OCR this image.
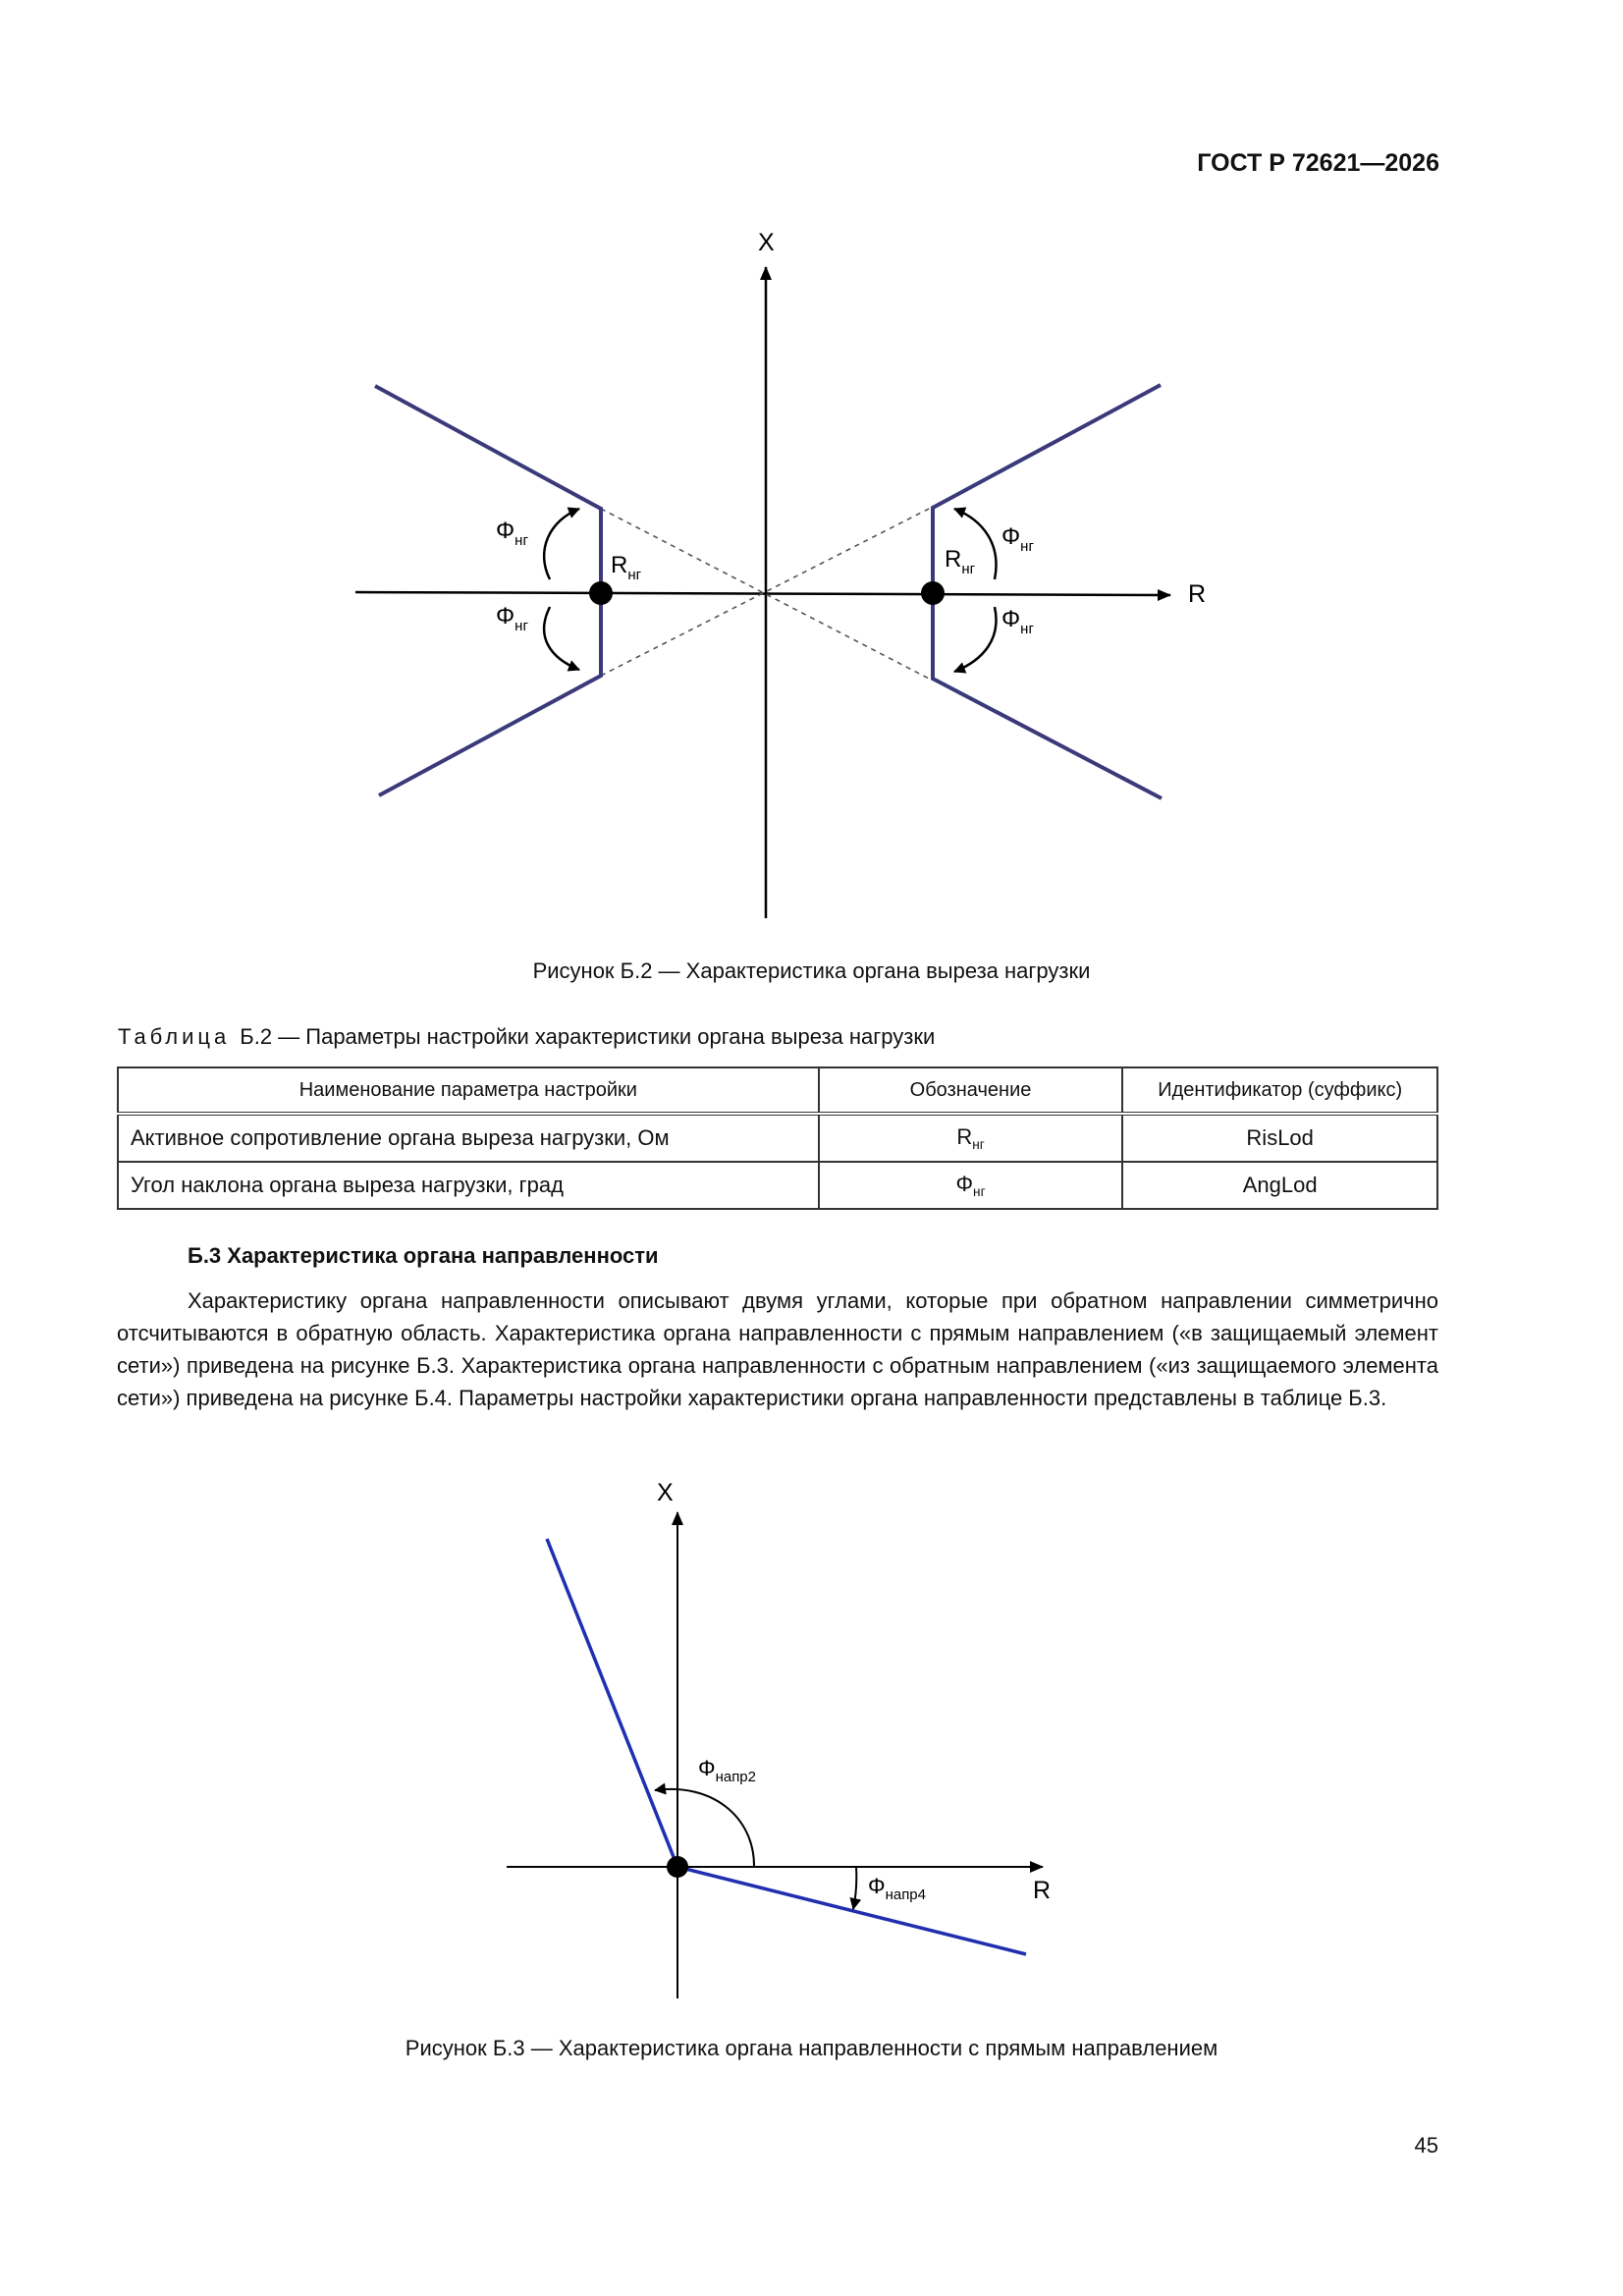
ГОСТ Р 72621—2026
X
R
$\Phi_{нг}$
$\Phi_{нг}$
$R_{нг}$
$\Phi_{нг}$
$\Phi_{нг}$
$R_{нг}$
Рисунок Б.2 — Характеристика органа выреза нагрузки
Таблица Б.2 — Параметры настройки характеристики органа выреза нагрузки
Наименование параметра настройки	Обозначение	Идентификатор (суффикс)
Активное сопротивление органа выреза нагрузки, Ом	$R_{нг}$	RisLod
Угол наклона органа выреза нагрузки, град	$\Phi_{нг}$	AngLod
Б.3 Характеристика органа направленности

Характеристику органа направленности описывают двумя углами, которые при обратном направлении симметрично отсчитываются в обратную область. Характеристика органа направленности с прямым направлением («в защищаемый элемент сети») приведена на рисунке Б.3. Характеристика органа направленности с обратным направлением («из защищаемого элемента сети») приведена на рисунке Б.4. Параметры настройки характеристики органа направленности представлены в таблице Б.3.

X
R
$\Phi_{напр2}$
$\Phi_{напр4}$
Рисунок Б.3 — Характеристика органа направленности с прямым направлением
45
